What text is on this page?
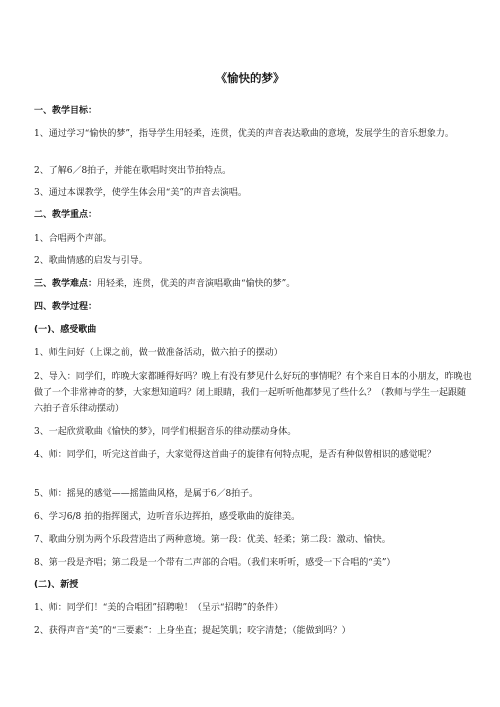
《愉快的梦》
一、教学目标：
1、通过学习“愉快的梦”，指导学生用轻柔，连贯，优美的声音表达歌曲的意境，发展学生的音乐想象力。
2、了解6／8拍子，并能在歌唱时突出节拍特点。
3、通过本课教学，使学生体会用“美”的声音去演唱。
二、教学重点：
1、合唱两个声部。
2、歌曲情感的启发与引导。
三、教学难点：用轻柔，连贯，优美的声音演唱歌曲“愉快的梦”。
四、教学过程：
(一)、感受歌曲
1、师生问好（上课之前，做一做准备活动，做六拍子的摆动）
2、导入：同学们，昨晚大家都睡得好吗？晚上有没有梦见什么好玩的事情呢？有个来自日本的小朋友，昨晚也做了一个非常神奇的梦，大家想知道吗？闭上眼睛，我们一起听听他都梦见了些什么？（教师与学生一起跟随六拍子音乐律动摆动）
3、一起欣赏歌曲《愉快的梦》，同学们根据音乐的律动摆动身体。
4、师：同学们，听完这首曲子，大家觉得这首曲子的旋律有何特点呢，是否有种似曾相识的感觉呢？
5、师：摇晃的感觉——摇篮曲风格，是属于6／8拍子。
6、学习6/8 拍的指挥图式，边听音乐边挥拍，感受歌曲的旋律美。
7、歌曲分别为两个乐段营造出了两种意境。第一段：优美、轻柔；第二段：激动、愉快。
8、第一段是齐唱；第二段是一个带有二声部的合唱。（我们来听听，感受一下合唱的“美”）
(二)、新授
1、师：同学们！“美的合唱团”招聘啦！（呈示“招聘”的条件）
2、获得声音“美”的“三要素”：上身坐直；提起笑肌；咬字清楚；（能做到吗？）
